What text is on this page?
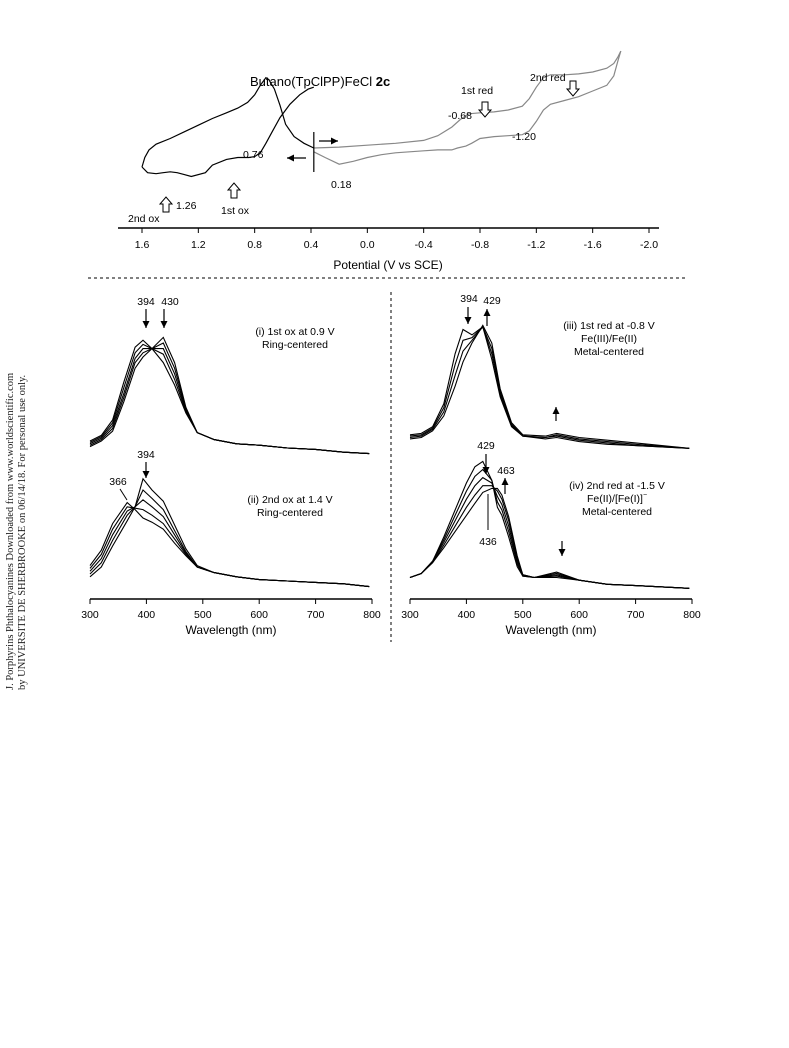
J. Porphyrins Phthalocyanines Downloaded from www.worldscientific.com by UNIVERSITE DE SHERBROOKE on 06/14/18. For personal use only.
Butano(TpClPP)FeCl 2c
1.6	1.2	0.8	0.4	0.0	-0.4	-0.8	-1.2	-1.6	-2.0
Potential (V vs SCE)
1st red
2nd red
-0.68
-1.20
0.76
0.18
1.26
2nd ox
1st ox
(i) 1st ox at 0.9 V
Ring-centered
(ii) 2nd ox at 1.4 V
Ring-centered
300	400	500	600	700	800
Wavelength (nm)
394 430
394
366
(iii) 1st red at -0.8 V
Fe(III)/Fe(II)
Metal-centered
(iv) 2nd red at -1.5 V
Fe(II)/[Fe(I)]−
Metal-centered
300	400	500	600	700	800
Wavelength (nm)
394 429
429
463
436
